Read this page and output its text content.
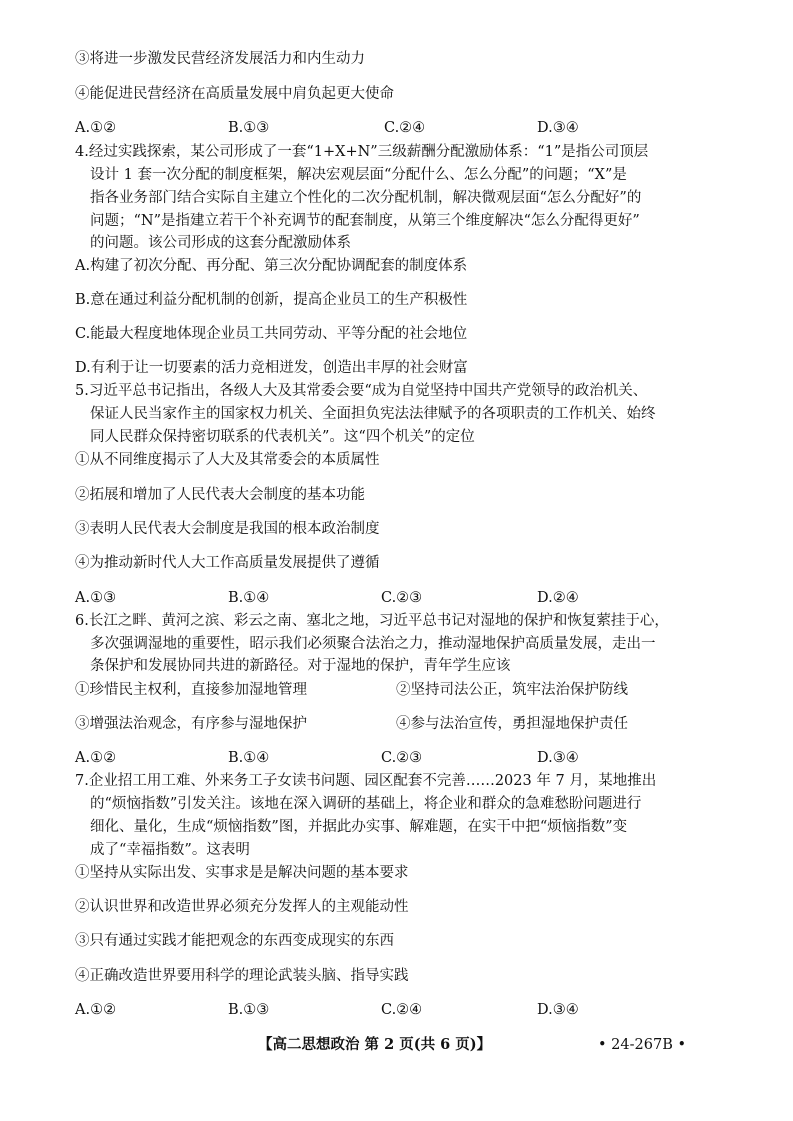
③将进一步激发民营经济发展活力和内生动力
④能促进民营经济在高质量发展中肩负起更大使命
A.①②	B.①③	C.②④	D.③④
4.经过实践探索，某公司形成了一套“1+X+N”三级薪酬分配激励体系：“1”是指公司顶层
设计 1 套一次分配的制度框架，解决宏观层面“分配什么、怎么分配”的问题；“X”是
指各业务部门结合实际自主建立个性化的二次分配机制，解决微观层面“怎么分配好”的
问题；“N”是指建立若干个补充调节的配套制度，从第三个维度解决“怎么分配得更好”
的问题。该公司形成的这套分配激励体系
A.构建了初次分配、再分配、第三次分配协调配套的制度体系
B.意在通过利益分配机制的创新，提高企业员工的生产积极性
C.能最大程度地体现企业员工共同劳动、平等分配的社会地位
D.有利于让一切要素的活力竞相迸发，创造出丰厚的社会财富
5.习近平总书记指出，各级人大及其常委会要“成为自觉坚持中国共产党领导的政治机关、
保证人民当家作主的国家权力机关、全面担负宪法法律赋予的各项职责的工作机关、始终
同人民群众保持密切联系的代表机关”。这“四个机关”的定位
①从不同维度揭示了人大及其常委会的本质属性
②拓展和增加了人民代表大会制度的基本功能
③表明人民代表大会制度是我国的根本政治制度
④为推动新时代人大工作高质量发展提供了遵循
A.①③	B.①④	C.②③	D.②④
6.长江之畔、黄河之滨、彩云之南、塞北之地，习近平总书记对湿地的保护和恢复萦挂于心，
多次强调湿地的重要性，昭示我们必须聚合法治之力，推动湿地保护高质量发展，走出一
条保护和发展协同共进的新路径。对于湿地的保护，青年学生应该
①珍惜民主权利，直接参加湿地管理	②坚持司法公正，筑牢法治保护防线
③增强法治观念，有序参与湿地保护	④参与法治宣传，勇担湿地保护责任
A.①②	B.①④	C.②③	D.③④
7.企业招工用工难、外来务工子女读书问题、园区配套不完善……2023 年 7 月，某地推出
的“烦恼指数”引发关注。该地在深入调研的基础上，将企业和群众的急难愁盼问题进行
细化、量化，生成“烦恼指数”图，并据此办实事、解难题，在实干中把“烦恼指数”变
成了“幸福指数”。这表明
①坚持从实际出发、实事求是是解决问题的基本要求
②认识世界和改造世界必须充分发挥人的主观能动性
③只有通过实践才能把观念的东西变成现实的东西
④正确改造世界要用科学的理论武装头脑、指导实践
A.①②	B.①③	C.②④	D.③④
【高二思想政治 第 2 页(共 6 页)】	• 24-267B •
